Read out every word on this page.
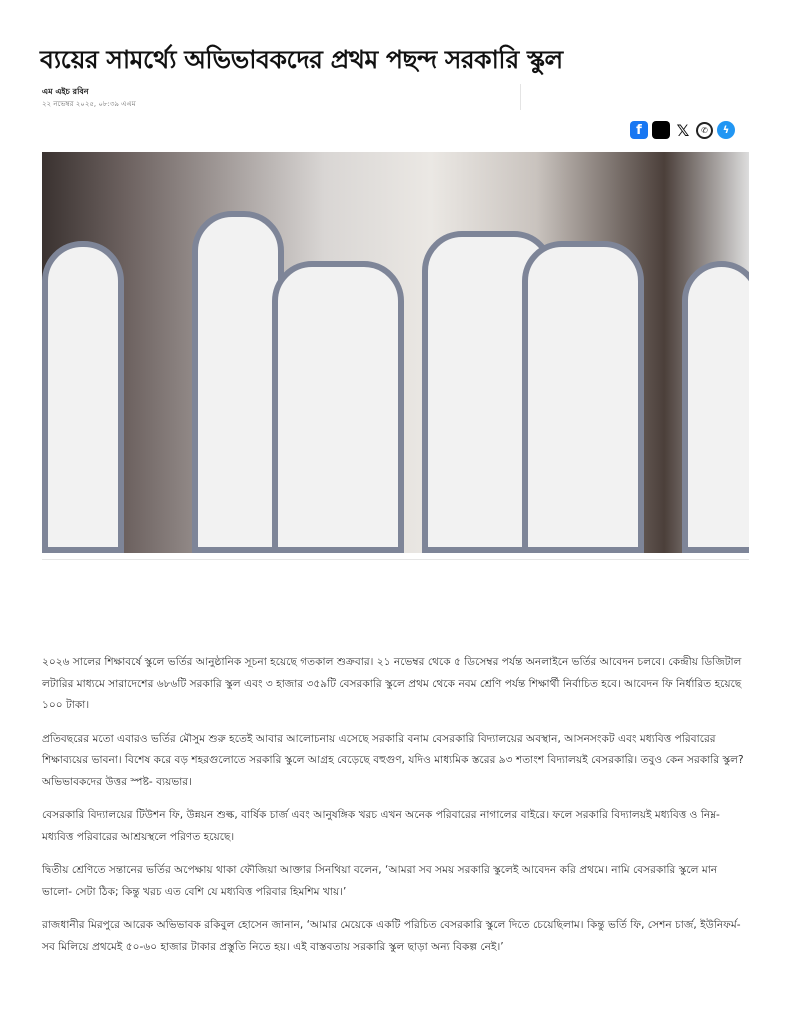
ব্যয়ের সামর্থ্যে অভিভাবকদের প্রথম পছন্দ সরকারি স্কুল
এম এইচ রবিন
২২ নভেম্বর ২০২৫, ০৮:৩৯ এএম
f	𝕏	✆	ϟ

২০২৬ সালের শিক্ষাবর্ষে স্কুলে ভর্তির আনুষ্ঠানিক সূচনা হয়েছে গতকাল শুক্রবার। ২১ নভেম্বর থেকে ৫ ডিসেম্বর পর্যন্ত অনলাইনে ভর্তির আবেদন চলবে। কেন্দ্রীয় ডিজিটাল লটারির মাধ্যমে সারাদেশের ৬৮৬টি সরকারি স্কুল এবং ৩ হাজার ৩৫৯টি বেসরকারি স্কুলে প্রথম থেকে নবম শ্রেণি পর্যন্ত শিক্ষার্থী নির্বাচিত হবে। আবেদন ফি নির্ধারিত হয়েছে ১০০ টাকা।

প্রতিবছরের মতো এবারও ভর্তির মৌসুম শুরু হতেই আবার আলোচনায় এসেছে সরকারি বনাম বেসরকারি বিদ্যালয়ের অবস্থান, আসনসংকট এবং মধ্যবিত্ত পরিবারের শিক্ষাব্যয়ের ভাবনা। বিশেষ করে বড় শহরগুলোতে সরকারি স্কুলে আগ্রহ বেড়েছে বহুগুণ, যদিও মাধ্যমিক স্তরের ৯৩ শতাংশ বিদ্যালয়ই বেসরকারি। তবুও কেন সরকারি স্কুল? অভিভাবকদের উত্তর স্পষ্ট- ব্যয়ভার।

বেসরকারি বিদ্যালয়ের টিউশন ফি, উন্নয়ন শুল্ক, বার্ষিক চার্জ এবং আনুষঙ্গিক খরচ এখন অনেক পরিবারের নাগালের বাইরে। ফলে সরকারি বিদ্যালয়ই মধ্যবিত্ত ও নিম্ন-মধ্যবিত্ত পরিবারের আশ্রয়স্থলে পরিণত হয়েছে।

দ্বিতীয় শ্রেণিতে সন্তানের ভর্তির অপেক্ষায় থাকা ফৌজিয়া আক্তার সিনথিয়া বলেন, ‘আমরা সব সময় সরকারি স্কুলেই আবেদন করি প্রথমে। নামি বেসরকারি স্কুলে মান ভালো- সেটা ঠিক; কিন্তু খরচ এত বেশি যে মধ্যবিত্ত পরিবার হিমশিম খায়।’

রাজধানীর মিরপুরে আরেক অভিভাবক রকিবুল হোসেন জানান, ‘আমার মেয়েকে একটি পরিচিত বেসরকারি স্কুলে দিতে চেয়েছিলাম। কিন্তু ভর্তি ফি, সেশন চার্জ, ইউনিফর্ম- সব মিলিয়ে প্রথমেই ৫০-৬০ হাজার টাকার প্রস্তুতি নিতে হয়। এই বাস্তবতায় সরকারি স্কুল ছাড়া অন্য বিকল্প নেই।’
